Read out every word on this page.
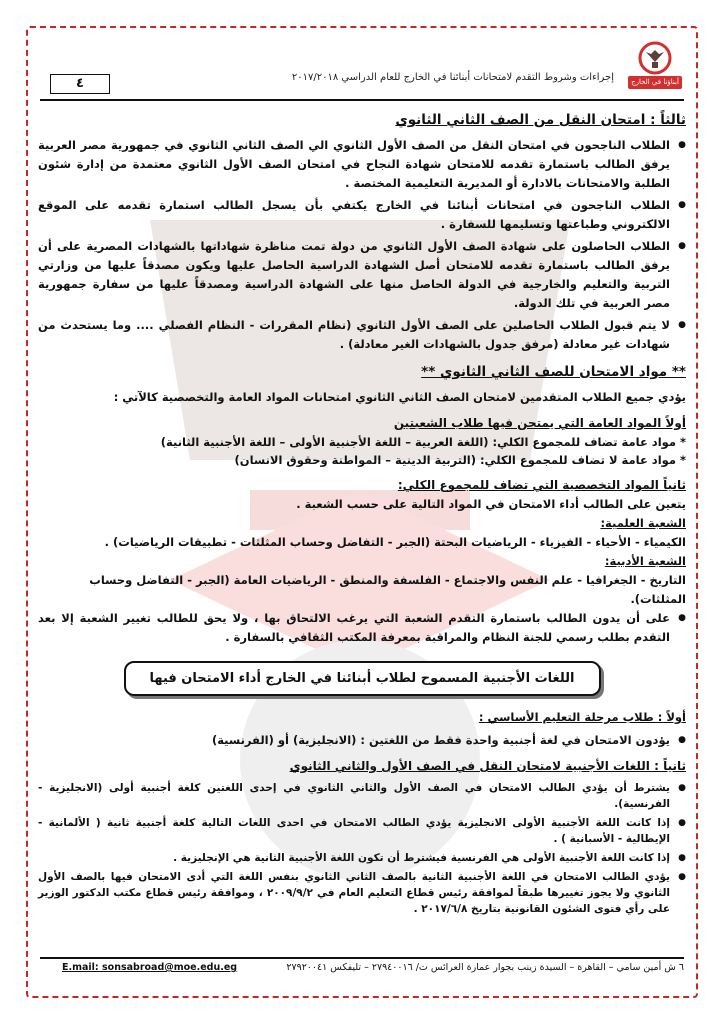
٤	إجراءات وشروط التقدم لامتحانات أبنائنا في الخارج للعام الدراسي ٢٠١٧/٢٠١٨	أبناؤنا في الخارج
ثالثاً : امتحان النقل من الصف الثاني الثانوي
● الطلاب الناجحون في امتحان النقل من الصف الأول الثانوي الي الصف الثاني الثانوي في جمهورية مصر العربية يرفق الطالب باستمارة تقدمه للامتحان شهادة النجاح في امتحان الصف الأول الثانوي معتمدة من إدارة شئون الطلبة والامتحانات بالادارة أو المديرية التعليمية المختصة .
● الطلاب الناجحون في امتحانات أبنائنا في الخارج يكتفي بأن يسجل الطالب استمارة تقدمه على الموقع الالكتروني وطباعتها وتسليمها للسفارة .
● الطلاب الحاصلون على شهادة الصف الأول الثانوي من دولة تمت مناظرة شهاداتها بالشهادات المصرية على أن يرفق الطالب باستمارة تقدمه للامتحان أصل الشهادة الدراسية الحاصل عليها ويكون مصدقاً عليها من وزارتي التربية والتعليم والخارجية في الدولة الحاصل منها على الشهادة الدراسية ومصدقاً عليها من سفارة جمهورية مصر العربية في تلك الدولة.
● لا يتم قبول الطلاب الحاصلين على الصف الأول الثانوي (نظام المقررات - النظام الفصلي .... وما يستحدث من شهادات غير معادلة (مرفق جدول بالشهادات الغير معادلة) .
** مواد الامتحان للصف الثاني الثانوي **
يؤدي جميع الطلاب المتقدمين لامتحان الصف الثاني الثانوي امتحانات المواد العامة والتخصصية كالآتي :
أولاً المواد العامة التي يمتحن فيها طلاب الشعبتين
* مواد عامة تضاف للمجموع الكلي: (اللغة العربية – اللغة الأجنبية الأولى – اللغة الأجنبية الثانية)
* مواد عامة لا تضاف للمجموع الكلي: (التربية الدينية – المواطنة وحقوق الانسان)
ثانياً المواد التخصصية التي تضاف للمجموع الكلي:
يتعين على الطالب أداء الامتحان في المواد التالية على حسب الشعبة .
الشعبة العلمية:
الكيمياء - الأحياء - الفيزياء - الرياضيات البحتة (الجبر - التفاضل وحساب المثلثات - تطبيقات الرياضيات) .
الشعبة الأدبية:
التاريخ - الجغرافيا - علم النفس والاجتماع - الفلسفة والمنطق - الرياضيات العامة (الجبر - التفاضل وحساب المثلثات).
● على أن يدون الطالب باستمارة التقدم الشعبة التي يرغب الالتحاق بها ، ولا يحق للطالب تغيير الشعبة إلا بعد التقدم بطلب رسمي للجنة النظام والمراقبة بمعرفة المكتب الثقافي بالسفارة .
اللغات الأجنبية المسموح لطلاب أبنائنا في الخارج أداء الامتحان فيها
أولاً : طلاب مرحلة التعليم الأساسي :
● يؤدون الامتحان في لغة أجنبية واحدة فقط من اللغتين : (الانجليزية) أو (الفرنسية)
ثانياً : اللغات الأجنبية لامتحان النقل في الصف الأول والثاني الثانوي
● يشترط أن يؤدي الطالب الامتحان في الصف الأول والثاني الثانوي في إحدى اللغتين كلغة أجنبية أولى (الانجليزية - الفرنسية).
● إذا كانت اللغة الأجنبية الأولى الانجليزية يؤدي الطالب الامتحان في احدى اللغات التالية كلغة أجنبية ثانية ( الألمانية - الإيطالية - الأسبانية ) .
● إذا كانت اللغة الأجنبية الأولى هي الفرنسية فيشترط أن تكون اللغة الأجنبية الثانية هي الإنجليزية .
● يؤدي الطالب الامتحان في اللغة الأجنبية الثانية بالصف الثاني الثانوي بنفس اللغة التي أدى الامتحان فيها بالصف الأول الثانوي ولا يجوز تغييرها طبقاً لموافقة رئيس قطاع التعليم العام في ٢٠٠٩/٩/٢ ، وموافقة رئيس قطاع مكتب الدكتور الوزير على رأي فتوى الشئون القانونية بتاريخ ٢٠١٧/٦/٨ .
E.mail: sonsabroad@moe.edu.eg	٦ ش أمين سامي – القاهرة – السيدة زينب بجوار عمارة العرائس ت/ ٢٧٩٤٠٠١٦ – تليفكس ٢٧٩٢٠٠٤١
